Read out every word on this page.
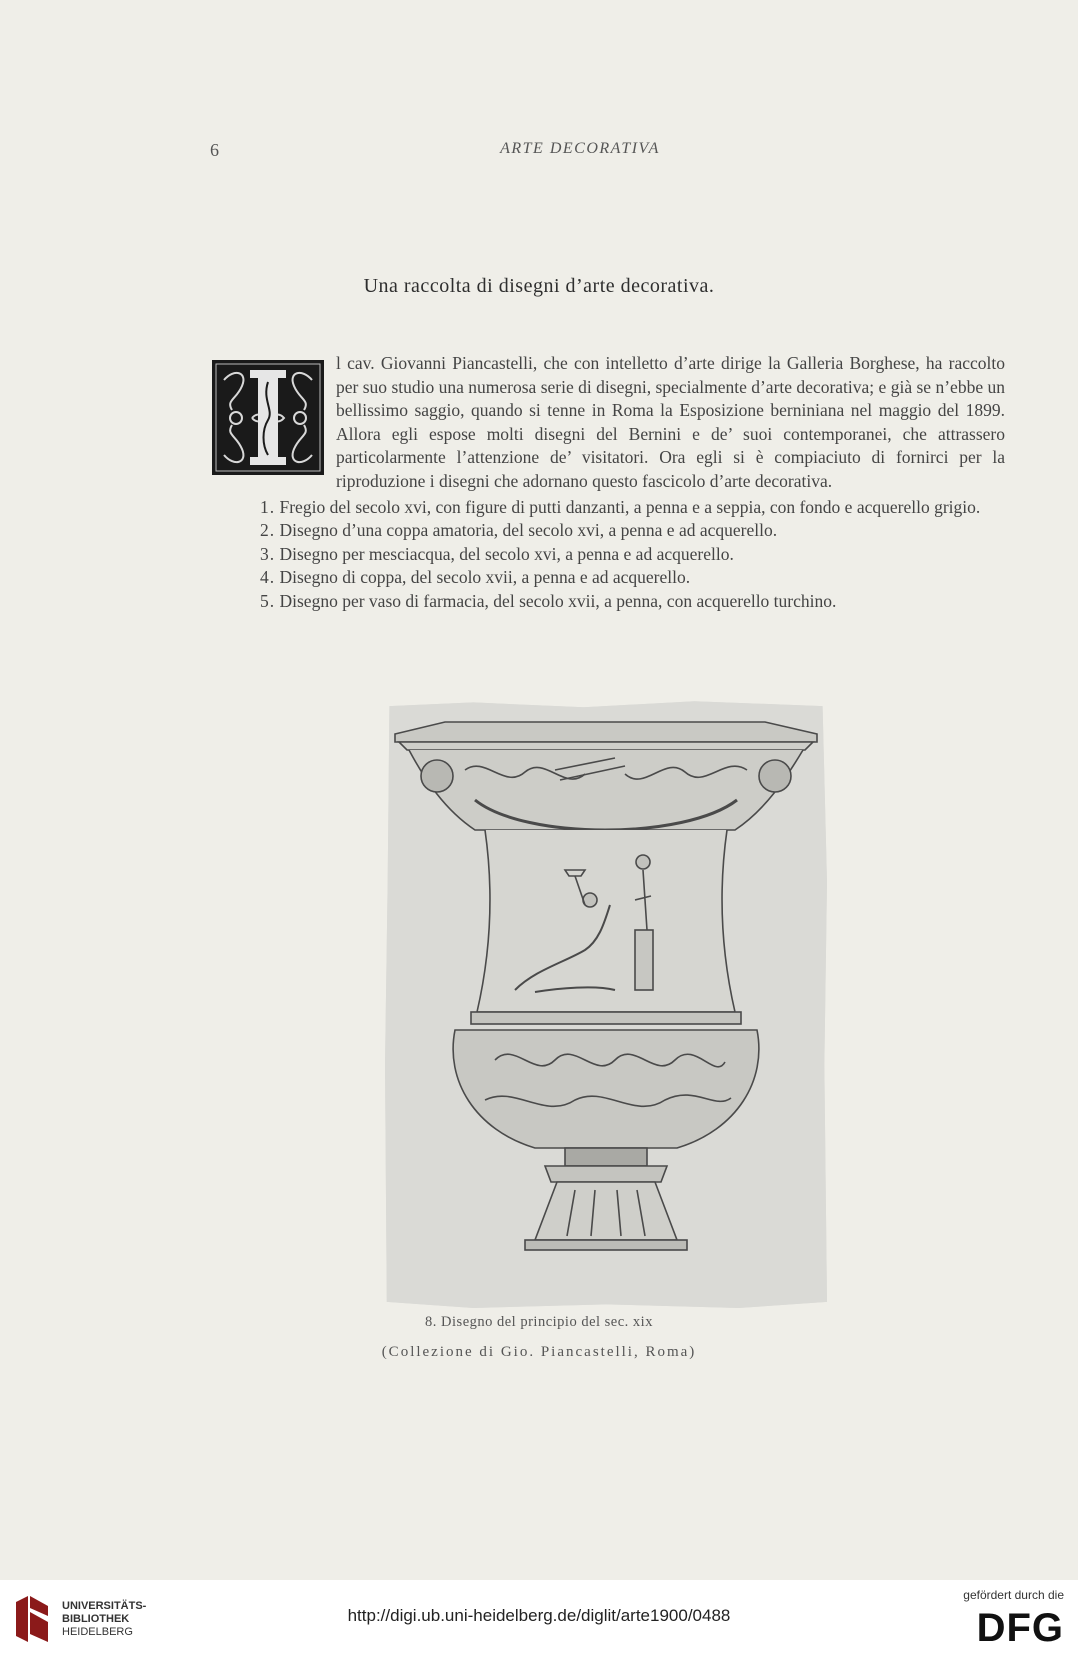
6	ARTE DECORATIVA
Una raccolta di disegni d’arte decorativa.

l cav. Giovanni Piancastelli, che con intelletto d’arte dirige la Galleria Borghese, ha raccolto per suo studio una numerosa serie di disegni, specialmente d’arte decorativa; e già se n’ebbe un bellissimo saggio, quando si tenne in Roma la Esposizione berniniana nel maggio del 1899. Allora egli espose molti disegni del Bernini e de’ suoi contemporanei, che attrassero particolarmente l’attenzione de’ visitatori. Ora egli si è compiaciuto di fornirci per la riproduzione i disegni che adornano questo fascicolo d’arte decorativa.

1. Fregio del secolo xvi, con figure di putti danzanti, a penna e a seppia, con fondo e acquerello grigio.
2. Disegno d’una coppa amatoria, del secolo xvi, a penna e ad acquerello.
3. Disegno per mesciacqua, del secolo xvi, a penna e ad acquerello.
4. Disegno di coppa, del secolo xvii, a penna e ad acquerello.
5. Disegno per vaso di farmacia, del secolo xvii, a penna, con acquerello turchino.
8. Disegno del principio del sec. xix
(Collezione di Gio. Piancastelli, Roma)
UNIVERSITÄTS-
BIBLIOTHEK
HEIDELBERG
http://digi.ub.uni-heidelberg.de/diglit/arte1900/0488
gefördert durch die
DFG
